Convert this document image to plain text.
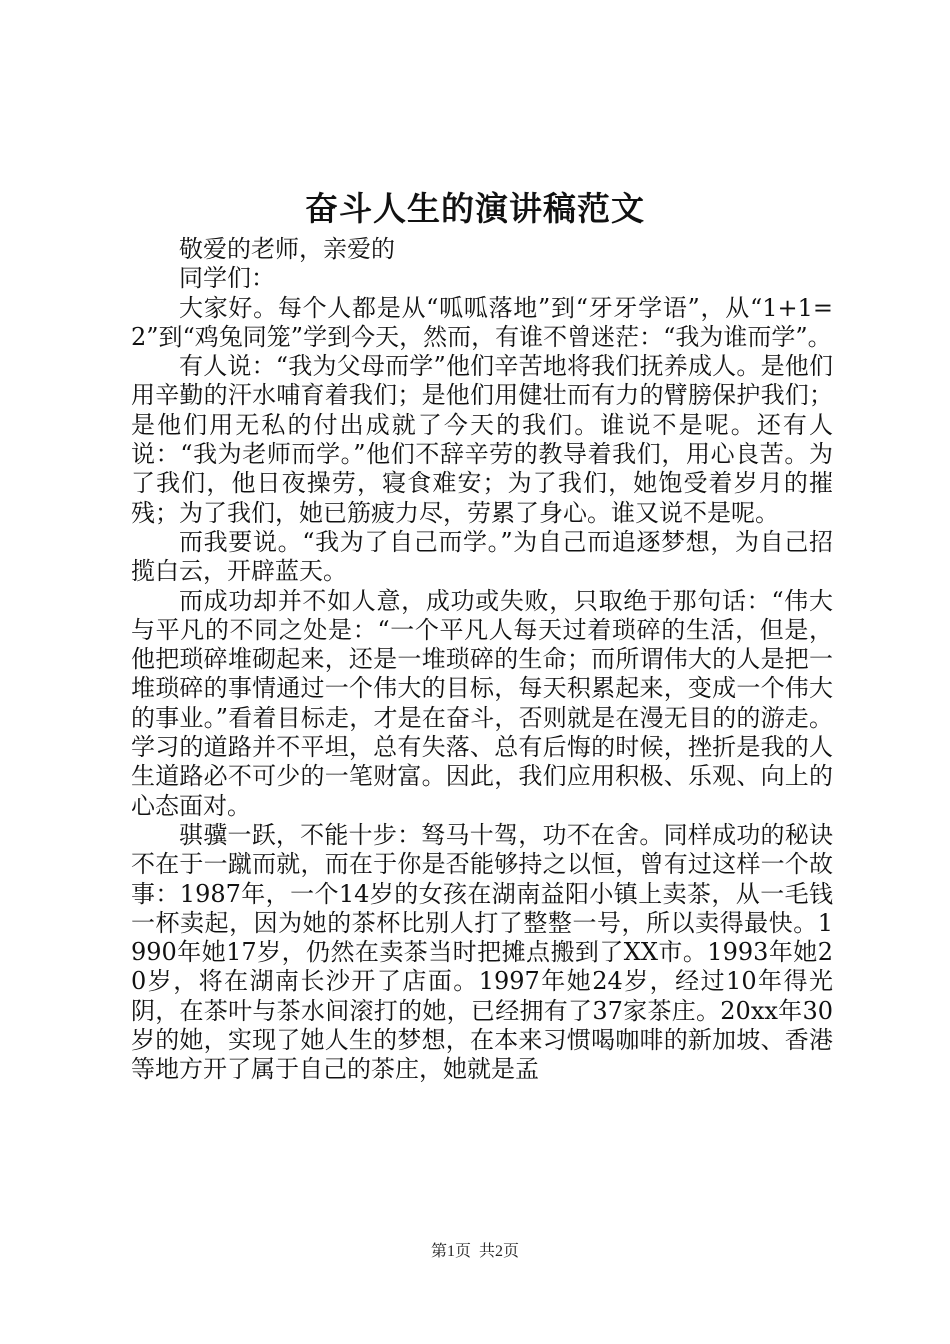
奋斗人生的演讲稿范文

敬爱的老师，亲爱的

同学们：

大家好。每个人都是从“呱呱落地”到“牙牙学语”，从“1+1=2”到“鸡兔同笼”学到今天，然而，有谁不曾迷茫：“我为谁而学”。

有人说：“我为父母而学”他们辛苦地将我们抚养成人。是他们用辛勤的汗水哺育着我们；是他们用健壮而有力的臂膀保护我们；是他们用无私的付出成就了今天的我们。谁说不是呢。还有人说：“我为老师而学。”他们不辞辛劳的教导着我们，用心良苦。为了我们，他日夜操劳，寝食难安；为了我们，她饱受着岁月的摧残；为了我们，她已筋疲力尽，劳累了身心。谁又说不是呢。

而我要说。“我为了自己而学。”为自己而追逐梦想，为自己招揽白云，开辟蓝天。

而成功却并不如人意，成功或失败，只取绝于那句话：“伟大与平凡的不同之处是：“一个平凡人每天过着琐碎的生活，但是，他把琐碎堆砌起来，还是一堆琐碎的生命；而所谓伟大的人是把一堆琐碎的事情通过一个伟大的目标，每天积累起来，变成一个伟大的事业。”看着目标走，才是在奋斗，否则就是在漫无目的的游走。学习的道路并不平坦，总有失落、总有后悔的时候，挫折是我的人生道路必不可少的一笔财富。因此，我们应用积极、乐观、向上的心态面对。

骐骥一跃，不能十步：驽马十驾，功不在舍。同样成功的秘诀不在于一蹴而就，而在于你是否能够持之以恒，曾有过这样一个故事：1987年，一个14岁的女孩在湖南益阳小镇上卖茶，从一毛钱一杯卖起，因为她的茶杯比别人打了整整一号，所以卖得最快。1990年她17岁，仍然在卖茶当时把摊点搬到了XX市。1993年她20岁，将在湖南长沙开了店面。1997年她24岁，经过10年得光阴，在茶叶与茶水间滚打的她，已经拥有了37家茶庄。20xx年30岁的她，实现了她人生的梦想，在本来习惯喝咖啡的新加坡、香港等地方开了属于自己的茶庄，她就是孟

第1页  共2页
